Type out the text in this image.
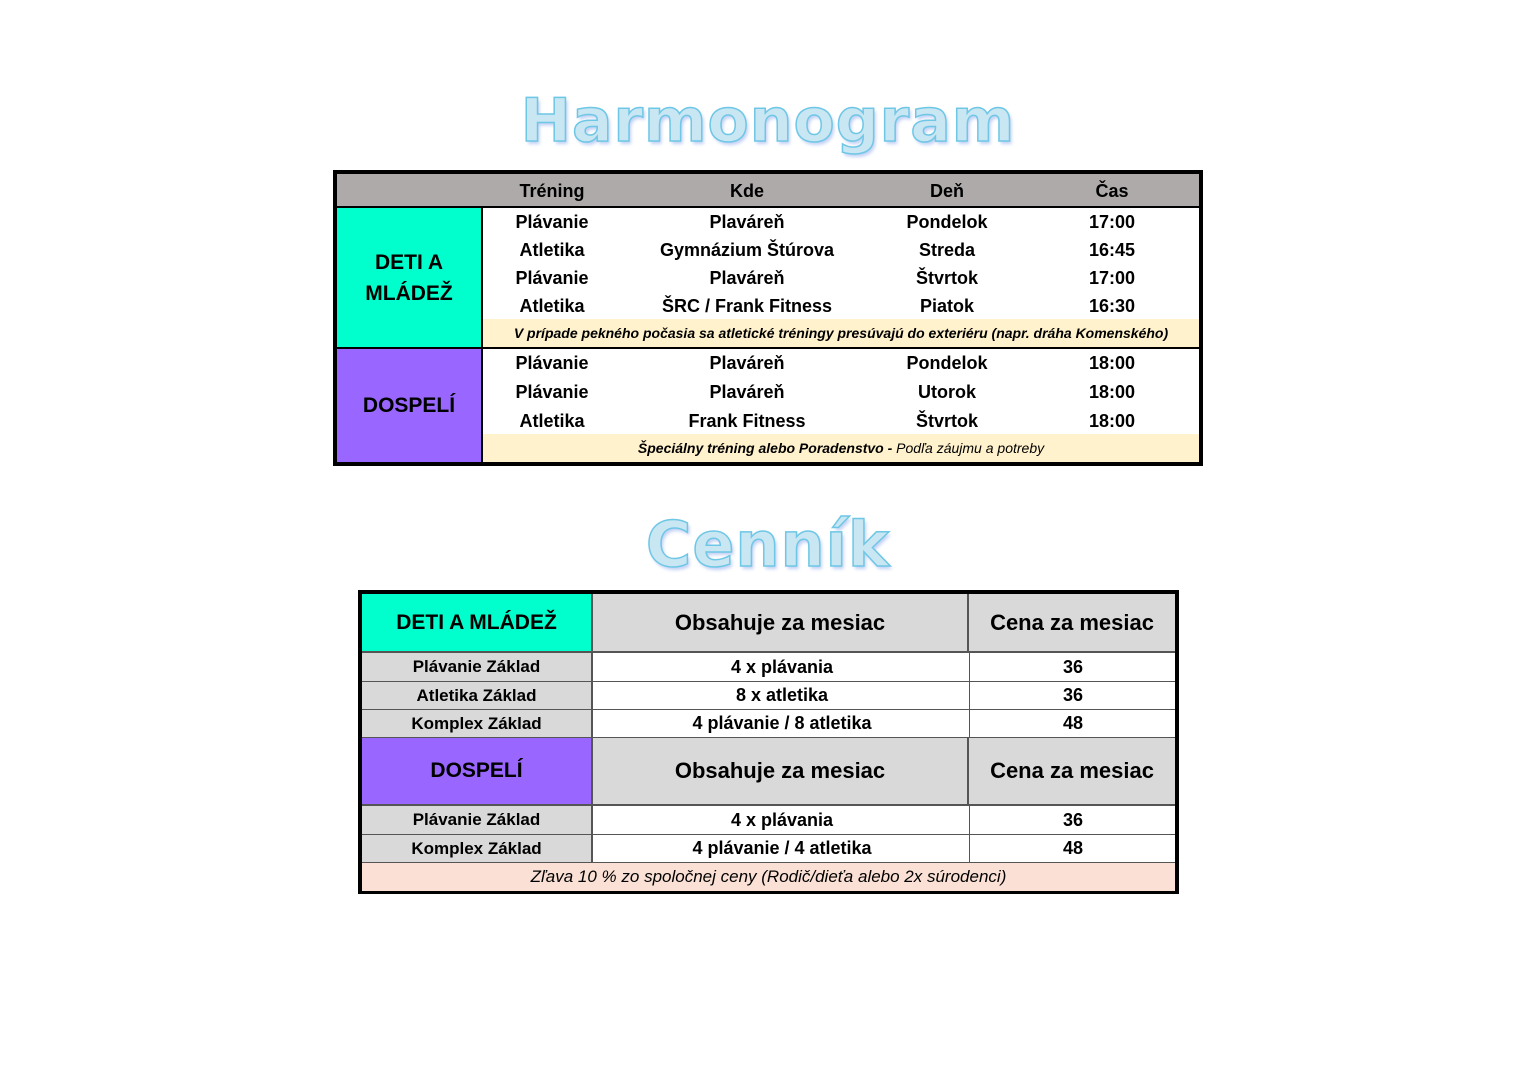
Harmonogram
Tréning	Kde	Deň	Čas
DETI A
MLÁDEŽ
Plávanie	Plaváreň	Pondelok	17:00
Atletika	Gymnázium Štúrova	Streda	16:45
Plávanie	Plaváreň	Štvrtok	17:00
Atletika	ŠRC / Frank Fitness	Piatok	16:30
V prípade pekného počasia sa atletické tréningy presúvajú do exteriéru (napr. dráha Komenského)
DOSPELÍ
Plávanie	Plaváreň	Pondelok	18:00
Plávanie	Plaváreň	Utorok	18:00
Atletika	Frank Fitness	Štvrtok	18:00
Špeciálny tréning alebo Poradenstvo - Podľa záujmu a potreby
Cenník
DETI A MLÁDEŽ	Obsahuje za mesiac	Cena za mesiac
Plávanie Základ	4 x plávania	36
Atletika Základ	8 x atletika	36
Komplex Základ	4 plávanie / 8 atletika	48
DOSPELÍ	Obsahuje za mesiac	Cena za mesiac
Plávanie Základ	4 x plávania	36
Komplex Základ	4 plávanie / 4 atletika	48
Zľava 10 % zo spoločnej ceny (Rodič/dieťa alebo 2x súrodenci)
